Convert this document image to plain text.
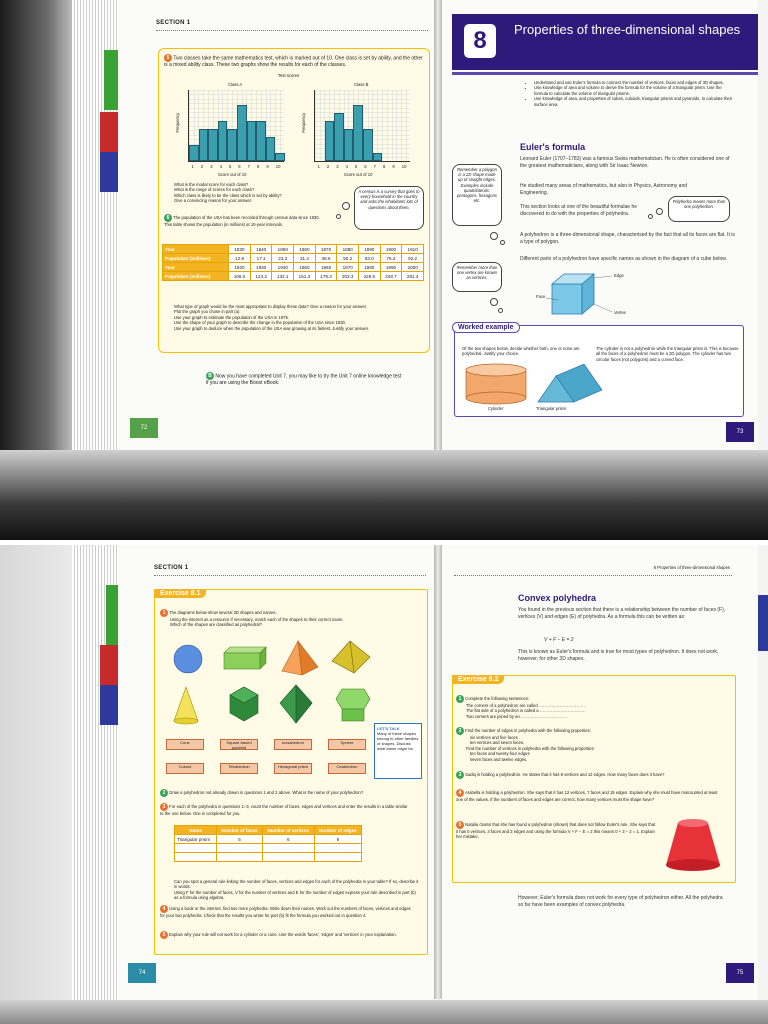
SECTION 1
5 Two classes take the same mathematics test, which is marked out of 10. One class is set by ability, and the other is a mixed ability class. These two graphs show the results for each of the classes.
Test scores
Class A
Frequency
Score out of 10
1 2 3 4 5 6 7 8 9 10
Class B
Frequency
Score out of 10
1 2 3 4 5 6 7 8 9 10
What is the modal score for each class?
What is the range of scores for each class?
Which class is likely to be the class which is set by ability?
Give a convincing reason for your answer.
6 The population of the USA has been recorded through census data since 1830.
This table shows the population (in millions) at 10-year intervals.
A census is a survey that goes to every household in the country and asks the inhabitants lots of questions about them.
Year	1830	1840	1850	1860	1870	1880	1890	1900	1910
Population (millions)	12.9	17.1	23.2	31.4	38.6	50.2	63.0	76.2	92.2
Year	1920	1930	1940	1950	1960	1970	1980	1990	2000
Population (millions)	106.0	123.2	132.1	151.3	179.3	203.3	226.5	248.7	281.4
What type of graph would be the most appropriate to display these data? Give a reason for your answer.
Plot the graph you chose in part (a).
Use your graph to estimate the population of the USA in 1975.
Use the shape of your graph to describe the change in the population of the USA since 1830.
Use your graph to deduce when the population of the USA was growing at its fastest. Justify your answer.
B Now you have completed Unit 7, you may like to try the Unit 7 online knowledge test if you are using the Boost eBook.
72
8	Properties of three-dimensional shapes
• Understand and use Euler's formula to connect the number of vertices, faces and edges of 3D shapes.
• Use knowledge of area and volume to derive the formula for the volume of a triangular prism. Use the formula to calculate the volume of triangular prisms.
• Use knowledge of area, and properties of cubes, cuboids, triangular prisms and pyramids, to calculate their surface area.
Euler's formula
Leonard Euler (1707–1783) was a famous Swiss mathematician. He is often considered one of the greatest mathematicians, along with Sir Isaac Newton.
He studied many areas of mathematics, but also in Physics, Astronomy and Engineering.
This section looks at one of the beautiful formulae he discovered to do with the properties of polyhedra.
A polyhedron is a three-dimensional shape, characterised by the fact that all its faces are flat. It is a type of polygon.
Different parts of a polyhedron have specific names as shown in the diagram of a cube below.
Remember a polygon is a 2D shape made up of straight edges. Examples include quadrilaterals, pentagons, hexagons etc.	Polyhedra means more than one polyhedron.
Remember more than one vertex are known as vertices.	Edge
Face
Vertex
Worked example
Of the two shapes below, decide whether both, one or none are polyhedral. Justify your choice.
The cylinder is not a polyhedron while the triangular prism is. This is because all the faces of a polyhedron must be a 2D polygon. The cylinder has two circular faces (not polygons) and a curved face.
Cylinder	Triangular prism
73
SECTION 1
Exercise 8.1
1 The diagrams below show several 3D shapes and names.
Using the internet as a resource if necessary, match each of the shapes to their correct name.
Which of the shapes are classified as polyhedral?
Cone	Square-based pyramid
Icosahedron	Sphere
Cuboid	Tetrahedron	Hexagonal prism	Octahedron
LET'S TALK
Many of these shapes belong to other families of shapes. Discuss what these might be.
2 Draw a polyhedron not already drawn in questions 1 and 2 above. What is the name of your polyhedron?
3 For each of the polyhedra in questions 1–3, count the number of faces, edges and vertices and enter the results in a table similar to the one below. One is completed for you.
Name	Number of faces	Number of vertices	Number of edges
Triangular prism	5	6	9

Can you spot a general rule linking the number of faces, vertices and edges for each of the polyhedra in your table? If so, describe it in words.
Using F for the number of faces, V for the number of vertices and E for the number of edges express your rule described in part (b) as a formula using algebra.
4 Using a book or the internet, find two more polyhedra. Write down their names. Work out the numbers of faces, vertices and edges for your two polyhedra. Check that the results you wrote for part (b) fit the formula you worked out in question 4.
5 Explain why your rule will not work for a cylinder or a cone. Use the words 'faces', 'edges' and 'vertices' in your explanation.
74
8 Properties of three-dimensional shapes
Convex polyhedra
You found in the previous section that there is a relationship between the number of faces (F), vertices (V) and edges (E) of polyhedra. As a formula this can be written as:
V + F − E = 2
This is known as Euler's formula and is true for most types of polyhedron. It does not work, however, for other 3D shapes.
Exercise 8.2
1 Complete the following sentences:
The corners of a polyhedron are called ……………………………
The flat side of a polyhedron is called a ……………………………
Two corners are joined by an ……………………………
2 Find the number of edges in polyhedra with the following properties:
six vertices and five faces
ten vertices and seven faces.
Find the number of vertices in polyhedra with the following properties:
ten faces and twenty-four edges
seven faces and twelve edges.
3 Sadiq is holding a polyhedron. He states that it has 8 vertices and 12 edges. How many faces does it have?
4 Arabella is holding a polyhedron. She says that it has 12 vertices, 7 faces and 15 edges. Explain why she must have miscounted at least one of the values. If the numbers of faces and edges are correct, how many vertices must the shape have?
5 Natalia claims that she has found a polyhedron (shown) that does not follow Euler's rule. She says that it has 0 vertices, 3 faces and 2 edges and using the formula V + F − E = 2 this means 0 + 3 − 2 = 1. Explain her mistake.
However, Euler's formula does not work for every type of polyhedron either. All the polyhedra so far have been examples of convex polyhedra.
75
